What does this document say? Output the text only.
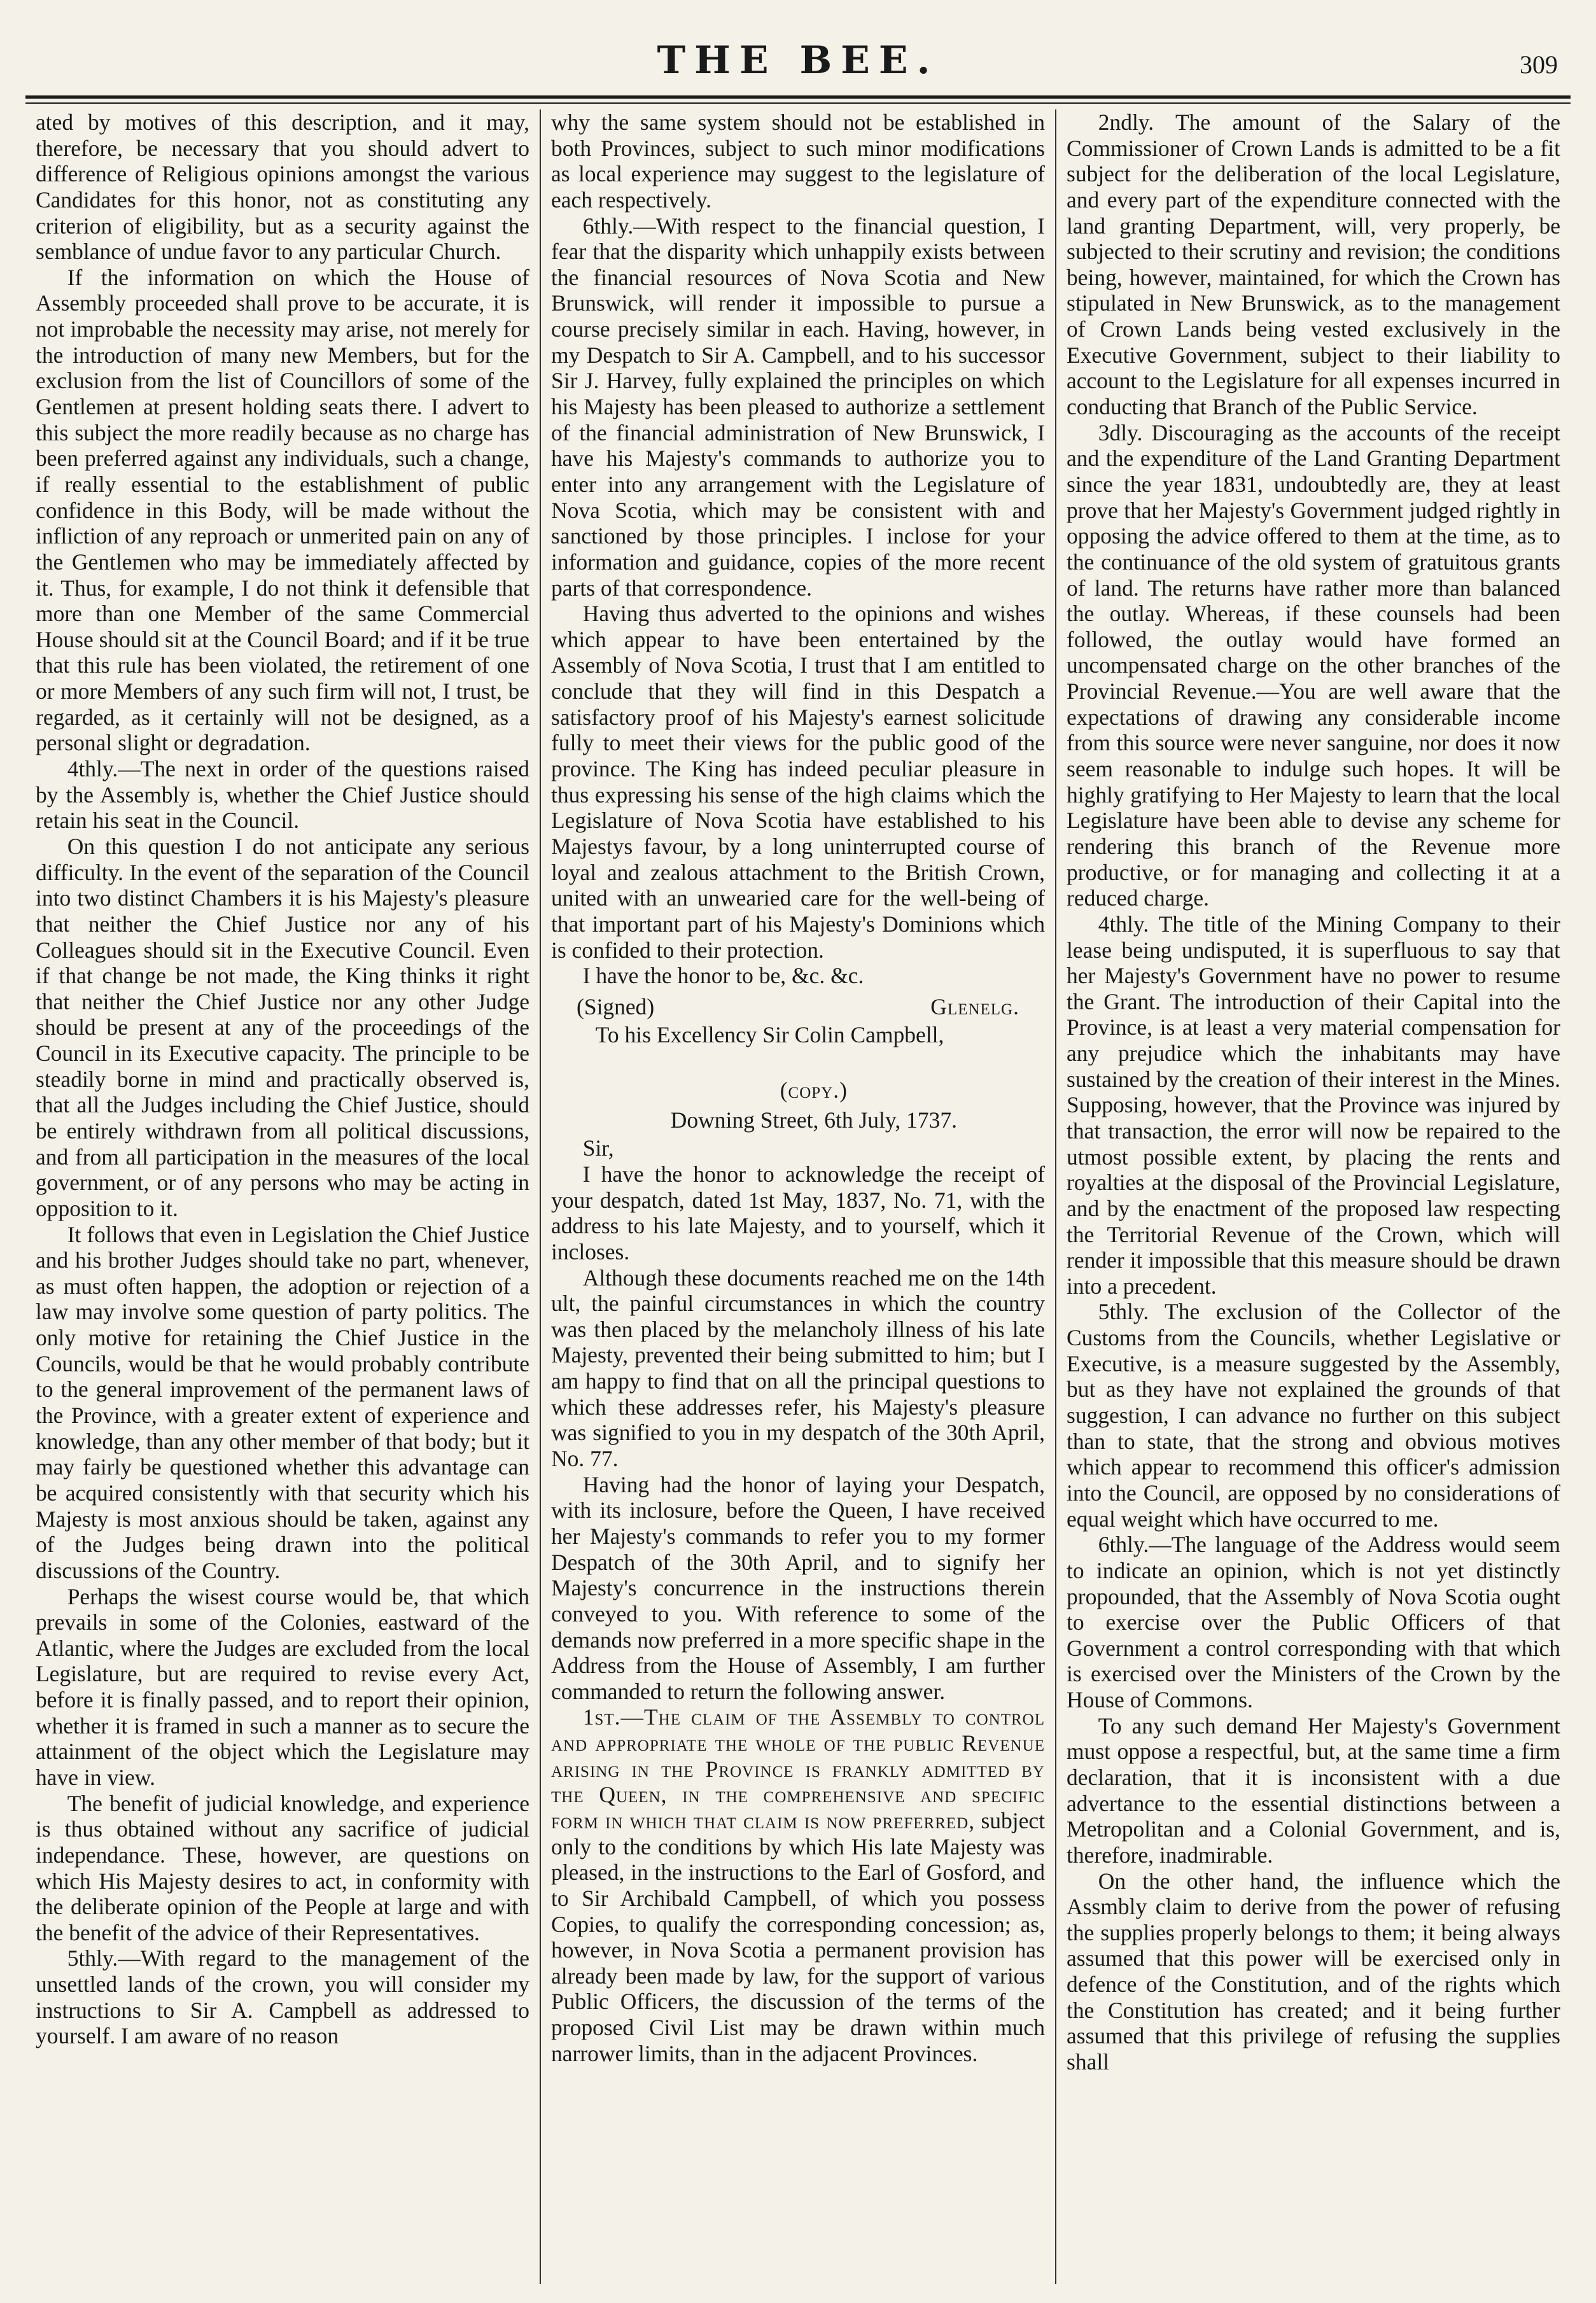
THE BEE.	309

ated by motives of this description, and it may, therefore, be necessary that you should advert to difference of Religious opinions amongst the various Candidates for this honor, not as constituting any criterion of eligibility, but as a security against the semblance of undue favor to any particular Church.

If the information on which the House of Assembly proceeded shall prove to be accurate, it is not improbable the necessity may arise, not merely for the introduction of many new Members, but for the exclusion from the list of Councillors of some of the Gentlemen at present holding seats there. I advert to this subject the more readily because as no charge has been preferred against any individuals, such a change, if really essential to the establishment of public confidence in this Body, will be made without the infliction of any reproach or unmerited pain on any of the Gentlemen who may be immediately affected by it. Thus, for example, I do not think it defensible that more than one Member of the same Commercial House should sit at the Council Board; and if it be true that this rule has been violated, the retirement of one or more Members of any such firm will not, I trust, be regarded, as it certainly will not be designed, as a personal slight or degradation.

4thly.—The next in order of the questions raised by the Assembly is, whether the Chief Justice should retain his seat in the Council.

On this question I do not anticipate any serious difficulty. In the event of the separation of the Council into two distinct Chambers it is his Majesty's pleasure that neither the Chief Justice nor any of his Colleagues should sit in the Executive Council. Even if that change be not made, the King thinks it right that neither the Chief Justice nor any other Judge should be present at any of the proceedings of the Council in its Executive capacity. The principle to be steadily borne in mind and practically observed is, that all the Judges including the Chief Justice, should be entirely withdrawn from all political discussions, and from all participation in the measures of the local government, or of any persons who may be acting in opposition to it.

It follows that even in Legislation the Chief Justice and his brother Judges should take no part, whenever, as must often happen, the adoption or rejection of a law may involve some question of party politics. The only motive for retaining the Chief Justice in the Councils, would be that he would probably contribute to the general improvement of the permanent laws of the Province, with a greater extent of experience and knowledge, than any other member of that body; but it may fairly be questioned whether this advantage can be acquired consistently with that security which his Majesty is most anxious should be taken, against any of the Judges being drawn into the political discussions of the Country.

Perhaps the wisest course would be, that which prevails in some of the Colonies, eastward of the Atlantic, where the Judges are excluded from the local Legislature, but are required to revise every Act, before it is finally passed, and to report their opinion, whether it is framed in such a manner as to secure the attainment of the object which the Legislature may have in view.

The benefit of judicial knowledge, and experience is thus obtained without any sacrifice of judicial independance. These, however, are questions on which His Majesty desires to act, in conformity with the deliberate opinion of the People at large and with the benefit of the advice of their Representatives.

5thly.—With regard to the management of the unsettled lands of the crown, you will consider my instructions to Sir A. Campbell as addressed to yourself. I am aware of no reason

why the same system should not be established in both Provinces, subject to such minor modifications as local experience may suggest to the legislature of each respectively.

6thly.—With respect to the financial question, I fear that the disparity which unhappily exists between the financial resources of Nova Scotia and New Brunswick, will render it impossible to pursue a course precisely similar in each. Having, however, in my Despatch to Sir A. Campbell, and to his successor Sir J. Harvey, fully explained the principles on which his Majesty has been pleased to authorize a settlement of the financial administration of New Brunswick, I have his Majesty's commands to authorize you to enter into any arrangement with the Legislature of Nova Scotia, which may be consistent with and sanctioned by those principles. I inclose for your information and guidance, copies of the more recent parts of that correspondence.

Having thus adverted to the opinions and wishes which appear to have been entertained by the Assembly of Nova Scotia, I trust that I am entitled to conclude that they will find in this Despatch a satisfactory proof of his Majesty's earnest solicitude fully to meet their views for the public good of the province. The King has indeed peculiar pleasure in thus expressing his sense of the high claims which the Legislature of Nova Scotia have established to his Majestys favour, by a long uninterrupted course of loyal and zealous attachment to the British Crown, united with an unwearied care for the well-being of that important part of his Majesty's Dominions which is confided to their protection.

I have the honor to be, &c. &c.

(Signed)	Glenelg.

To his Excellency Sir Colin Campbell,

(copy.)

Downing Street, 6th July, 1737.

Sir,

I have the honor to acknowledge the receipt of your despatch, dated 1st May, 1837, No. 71, with the address to his late Majesty, and to yourself, which it incloses.

Although these documents reached me on the 14th ult, the painful circumstances in which the country was then placed by the melancholy illness of his late Majesty, prevented their being submitted to him; but I am happy to find that on all the principal questions to which these addresses refer, his Majesty's pleasure was signified to you in my despatch of the 30th April, No. 77.

Having had the honor of laying your Despatch, with its inclosure, before the Queen, I have received her Majesty's commands to refer you to my former Despatch of the 30th April, and to signify her Majesty's concurrence in the instructions therein conveyed to you. With reference to some of the demands now preferred in a more specific shape in the Address from the House of Assembly, I am further commanded to return the following answer.

1st.—The claim of the Assembly to control and appropriate the whole of the public Revenue arising in the Province is frankly admitted by the Queen, in the comprehensive and specific form in which that claim is now preferred, subject only to the conditions by which His late Majesty was pleased, in the instructions to the Earl of Gosford, and to Sir Archibald Campbell, of which you possess Copies, to qualify the corresponding concession; as, however, in Nova Scotia a permanent provision has already been made by law, for the support of various Public Officers, the discussion of the terms of the proposed Civil List may be drawn within much narrower limits, than in the adjacent Provinces.

2ndly. The amount of the Salary of the Commissioner of Crown Lands is admitted to be a fit subject for the deliberation of the local Legislature, and every part of the expenditure connected with the land granting Department, will, very properly, be subjected to their scrutiny and revision; the conditions being, however, maintained, for which the Crown has stipulated in New Brunswick, as to the management of Crown Lands being vested exclusively in the Executive Government, subject to their liability to account to the Legislature for all expenses incurred in conducting that Branch of the Public Service.

3dly. Discouraging as the accounts of the receipt and the expenditure of the Land Granting Department since the year 1831, undoubtedly are, they at least prove that her Majesty's Government judged rightly in opposing the advice offered to them at the time, as to the continuance of the old system of gratuitous grants of land. The returns have rather more than balanced the outlay. Whereas, if these counsels had been followed, the outlay would have formed an uncompensated charge on the other branches of the Provincial Revenue.—You are well aware that the expectations of drawing any considerable income from this source were never sanguine, nor does it now seem reasonable to indulge such hopes. It will be highly gratifying to Her Majesty to learn that the local Legislature have been able to devise any scheme for rendering this branch of the Revenue more productive, or for managing and collecting it at a reduced charge.

4thly. The title of the Mining Company to their lease being undisputed, it is superfluous to say that her Majesty's Government have no power to resume the Grant. The introduction of their Capital into the Province, is at least a very material compensation for any prejudice which the inhabitants may have sustained by the creation of their interest in the Mines. Supposing, however, that the Province was injured by that transaction, the error will now be repaired to the utmost possible extent, by placing the rents and royalties at the disposal of the Provincial Legislature, and by the enactment of the proposed law respecting the Territorial Revenue of the Crown, which will render it impossible that this measure should be drawn into a precedent.

5thly. The exclusion of the Collector of the Customs from the Councils, whether Legislative or Executive, is a measure suggested by the Assembly, but as they have not explained the grounds of that suggestion, I can advance no further on this subject than to state, that the strong and obvious motives which appear to recommend this officer's admission into the Council, are opposed by no considerations of equal weight which have occurred to me.

6thly.—The language of the Address would seem to indicate an opinion, which is not yet distinctly propounded, that the Assembly of Nova Scotia ought to exercise over the Public Officers of that Government a control corresponding with that which is exercised over the Ministers of the Crown by the House of Commons.

To any such demand Her Majesty's Government must oppose a respectful, but, at the same time a firm declaration, that it is inconsistent with a due advertance to the essential distinctions between a Metropolitan and a Colonial Government, and is, therefore, inadmirable.

On the other hand, the influence which the Assmbly claim to derive from the power of refusing the supplies properly belongs to them; it being always assumed that this power will be exercised only in defence of the Constitution, and of the rights which the Constitution has created; and it being further assumed that this privilege of refusing the supplies shall
